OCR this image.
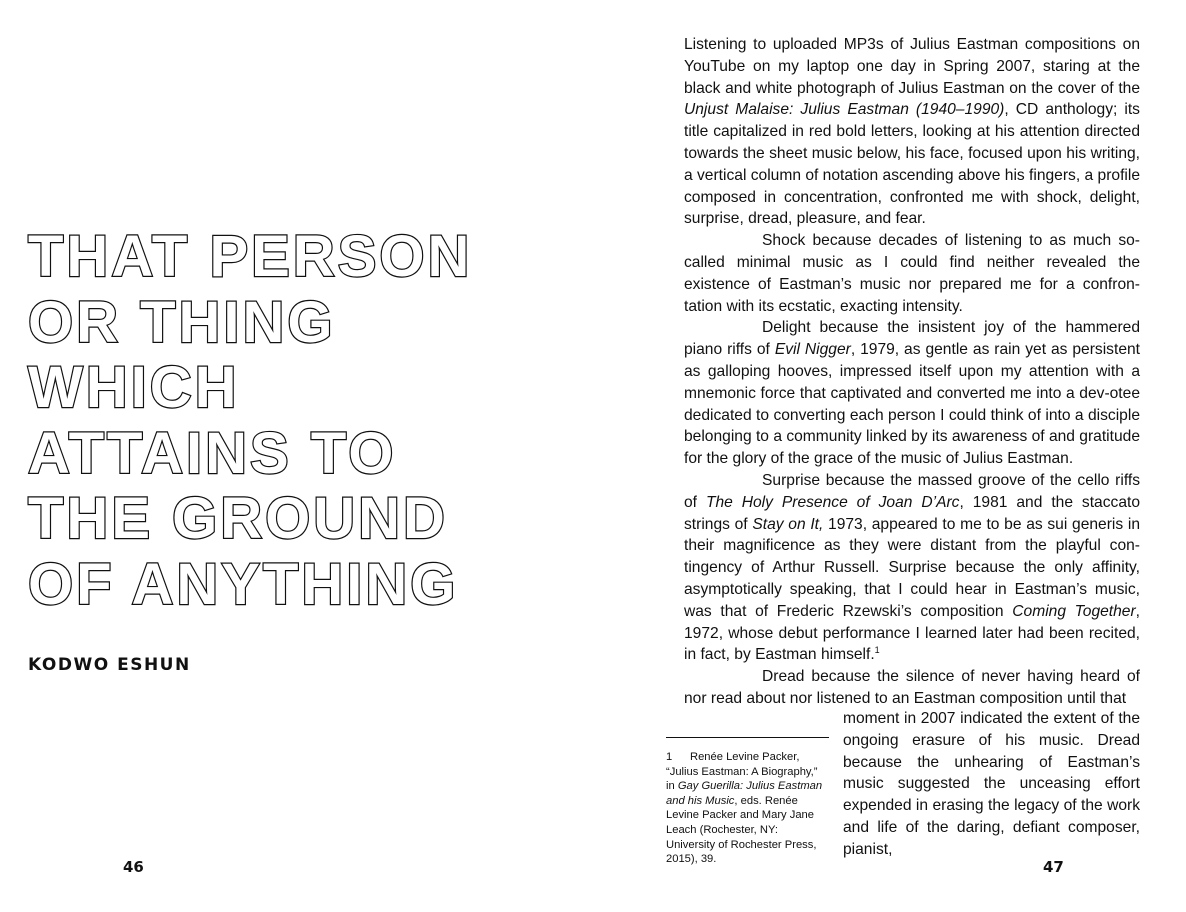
THAT PERSON
OR THING
WHICH
ATTAINS TO
THE GROUND
OF ANYTHING

KODWO ESHUN

46

Listening to uploaded MP3s of Julius Eastman compositions on YouTube on my laptop one day in Spring 2007, staring at the black and white photograph of Julius Eastman on the cover of the Unjust Malaise: Julius Eastman (1940–1990), CD anthology; its title capitalized in red bold letters, looking at his attention directed towards the sheet music below, his face, focused upon his writing, a vertical column of notation ascending above his fingers, a profile composed in concentration, confronted me with shock, delight, surprise, dread, pleasure, and fear.

Shock because decades of listening to as much so-called minimal music as I could find neither revealed the existence of Eastman’s music nor prepared me for a confron-tation with its ecstatic, exacting intensity.

Delight because the insistent joy of the hammered piano riffs of Evil Nigger, 1979, as gentle as rain yet as persistent as galloping hooves, impressed itself upon my attention with a mnemonic force that captivated and converted me into a dev-otee dedicated to converting each person I could think of into a disciple belonging to a community linked by its awareness of and gratitude for the glory of the grace of the music of Julius Eastman.

Surprise because the massed groove of the cello riffs of The Holy Presence of Joan D’Arc, 1981 and the staccato strings of Stay on It, 1973, appeared to me to be as sui generis in their magnificence as they were distant from the playful con-tingency of Arthur Russell. Surprise because the only affinity, asymptotically speaking, that I could hear in Eastman’s music, was that of Frederic Rzewski’s composition Coming Together, 1972, whose debut performance I learned later had been recited, in fact, by Eastman himself.$^1$

Dread because the silence of never having heard of nor read about nor listened to an Eastman composition until that

moment in 2007 indicated the extent of the ongoing erasure of his music. Dread because the unhearing of Eastman’s music suggested the unceasing effort expended in erasing the legacy of the work and life of the daring, defiant composer, pianist,

1 Renée Levine Packer, “Julius Eastman: A Biography,” in Gay Guerilla: Julius Eastman and his Music, eds. Renée Levine Packer and Mary Jane Leach (Rochester, NY: University of Rochester Press, 2015), 39.	47
